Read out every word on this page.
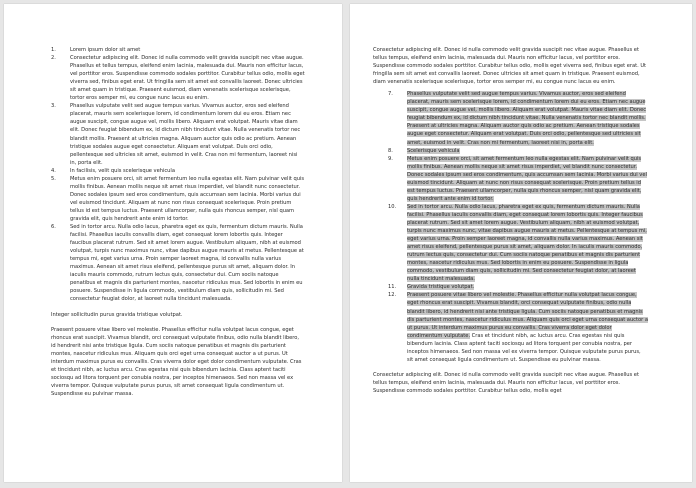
1.	Lorem ipsum dolor sit amet
2.	Consectetur adipiscing elit. Donec id nulla commodo velit gravida suscipit nec vitae augue. Phasellus et tellus tempus, eleifend enim lacinia, malesuada dui. Mauris non efficitur lacus, vel porttitor eros. Suspendisse commodo sodales porttitor. Curabitur tellus odio, mollis eget viverra sed, finibus eget erat. Ut fringilla sem sit amet est convallis laoreet. Donec ultricies sit amet quam in tristique. Praesent euismod, diam venenatis scelerisque scelerisque, tortor eros semper mi, eu congue nunc lacus eu enim.
3.	Phasellus vulputate velit sed augue tempus varius. Vivamus auctor, eros sed eleifend placerat, mauris sem scelerisque lorem, id condimentum lorem dui eu eros. Etiam nec augue suscipit, congue augue vel, mollis libero. Aliquam erat volutpat. Mauris vitae diam elit. Donec feugiat bibendum ex, id dictum nibh tincidunt vitae. Nulla venenatis tortor nec blandit mollis. Praesent at ultricies magna. Aliquam auctor quis odio ac pretium. Aenean tristique sodales augue eget consectetur. Aliquam erat volutpat. Duis orci odio, pellentesque sed ultricies sit amet, euismod in velit. Cras non mi fermentum, laoreet nisi in, porta elit.
4.	In facilisis, velit quis scelerisque vehicula
5.	Metus enim posuere orci, sit amet fermentum leo nulla egestas elit. Nam pulvinar velit quis mollis finibus. Aenean mollis neque sit amet risus imperdiet, vel blandit nunc consectetur. Donec sodales ipsum sed eros condimentum, quis accumsan sem lacinia. Morbi varius dui vel euismod tincidunt. Aliquam at nunc non risus consequat scelerisque. Proin pretium tellus id est tempus luctus. Praesent ullamcorper, nulla quis rhoncus semper, nisl quam gravida elit, quis hendrerit ante enim id tortor.
6.	Sed in tortor arcu. Nulla odio lacus, pharetra eget ex quis, fermentum dictum mauris. Nulla facilisi. Phasellus iaculis convallis diam, eget consequat lorem lobortis quis. Integer faucibus placerat rutrum. Sed sit amet lorem augue. Vestibulum aliquam, nibh at euismod volutpat, turpis nunc maximus nunc, vitae dapibus augue mauris at metus. Pellentesque at tempus mi, eget varius urna. Proin semper laoreet magna, id convallis nulla varius maximus. Aenean sit amet risus eleifend, pellentesque purus sit amet, aliquam dolor. In iaculis mauris commodo, rutrum lectus quis, consectetur dui. Cum sociis natoque penatibus et magnis dis parturient montes, nascetur ridiculus mus. Sed lobortis in enim eu posuere. Suspendisse in ligula commodo, vestibulum diam quis, sollicitudin mi. Sed consectetur feugiat dolor, at laoreet nulla tincidunt malesuada.

Integer sollicitudin purus gravida tristique volutpat.

Praesent posuere vitae libero vel molestie. Phasellus efficitur nulla volutpat lacus congue, eget rhoncus erat suscipit. Vivamus blandit, orci consequat vulputate finibus, odio nulla blandit libero, id hendrerit nisi ante tristique ligula. Cum sociis natoque penatibus et magnis dis parturient montes, nascetur ridiculus mus. Aliquam quis orci eget urna consequat auctor a ut purus. Ut interdum maximus purus eu convallis. Cras viverra dolor eget dolor condimentum vulputate. Cras et tincidunt nibh, ac luctus arcu. Cras egestas nisi quis bibendum lacinia. Class aptent taciti sociosqu ad litora torquent per conubia nostra, per inceptos himenaeos. Sed non massa vel ex viverra tempor. Quisque vulputate purus purus, sit amet consequat ligula condimentum ut. Suspendisse eu pulvinar massa.

Consectetur adipiscing elit. Donec id nulla commodo velit gravida suscipit nec vitae augue. Phasellus et tellus tempus, eleifend enim lacinia, malesuada dui. Mauris non efficitur lacus, vel porttitor eros. Suspendisse commodo sodales porttitor. Curabitur tellus odio, mollis eget viverra sed, finibus eget erat. Ut fringilla sem sit amet est convallis laoreet. Donec ultricies sit amet quam in tristique. Praesent euismod, diam venenatis scelerisque scelerisque, tortor eros semper mi, eu congue nunc lacus eu enim.

7.	Phasellus vulputate velit sed augue tempus varius. Vivamus auctor, eros sed eleifend placerat, mauris sem scelerisque lorem, id condimentum lorem dui eu eros. Etiam nec augue suscipit, congue augue vel, mollis libero. Aliquam erat volutpat. Mauris vitae diam elit. Donec feugiat bibendum ex, id dictum nibh tincidunt vitae. Nulla venenatis tortor nec blandit mollis. Praesent at ultricies magna. Aliquam auctor quis odio ac pretium. Aenean tristique sodales augue eget consectetur. Aliquam erat volutpat. Duis orci odio, pellentesque sed ultricies sit amet, euismod in velit. Cras non mi fermentum, laoreet nisi in, porta elit.
8.	Scelerisque vehicula
9.	Metus enim posuere orci, sit amet fermentum leo nulla egestas elit. Nam pulvinar velit quis mollis finibus. Aenean mollis neque sit amet risus imperdiet, vel blandit nunc consectetur. Donec sodales ipsum sed eros condimentum, quis accumsan sem lacinia. Morbi varius dui vel euismod tincidunt. Aliquam at nunc non risus consequat scelerisque. Proin pretium tellus id est tempus luctus. Praesent ullamcorper, nulla quis rhoncus semper, nisl quam gravida elit, quis hendrerit ante enim id tortor.
10.	Sed in tortor arcu. Nulla odio lacus, pharetra eget ex quis, fermentum dictum mauris. Nulla facilisi. Phasellus iaculis convallis diam, eget consequat lorem lobortis quis. Integer faucibus placerat rutrum. Sed sit amet lorem augue. Vestibulum aliquam, nibh at euismod volutpat, turpis nunc maximus nunc, vitae dapibus augue mauris at metus. Pellentesque at tempus mi, eget varius urna. Proin semper laoreet magna, id convallis nulla varius maximus. Aenean sit amet risus eleifend, pellentesque purus sit amet, aliquam dolor. In iaculis mauris commodo, rutrum lectus quis, consectetur dui. Cum sociis natoque penatibus et magnis dis parturient montes, nascetur ridiculus mus. Sed lobortis in enim eu posuere. Suspendisse in ligula commodo, vestibulum diam quis, sollicitudin mi. Sed consectetur feugiat dolor, at laoreet nulla tincidunt malesuada.
11.	Gravida tristique volutpat.
12.	Praesent posuere vitae libero vel molestie. Phasellus efficitur nulla volutpat lacus congue, eget rhoncus erat suscipit. Vivamus blandit, orci consequat vulputate finibus, odio nulla blandit libero, id hendrerit nisi ante tristique ligula. Cum sociis natoque penatibus et magnis dis parturient montes, nascetur ridiculus mus. Aliquam quis orci eget urna consequat auctor a ut purus. Ut interdum maximus purus eu convallis. Cras viverra dolor eget dolor condimentum vulputate. Cras et tincidunt nibh, ac luctus arcu. Cras egestas nisi quis bibendum lacinia. Class aptent taciti sociosqu ad litora torquent per conubia nostra, per inceptos himenaeos. Sed non massa vel ex viverra tempor. Quisque vulputate purus purus, sit amet consequat ligula condimentum ut. Suspendisse eu pulvinar massa.

Consectetur adipiscing elit. Donec id nulla commodo velit gravida suscipit nec vitae augue. Phasellus et tellus tempus, eleifend enim lacinia, malesuada dui. Mauris non efficitur lacus, vel porttitor eros. Suspendisse commodo sodales porttitor. Curabitur tellus odio, mollis eget
